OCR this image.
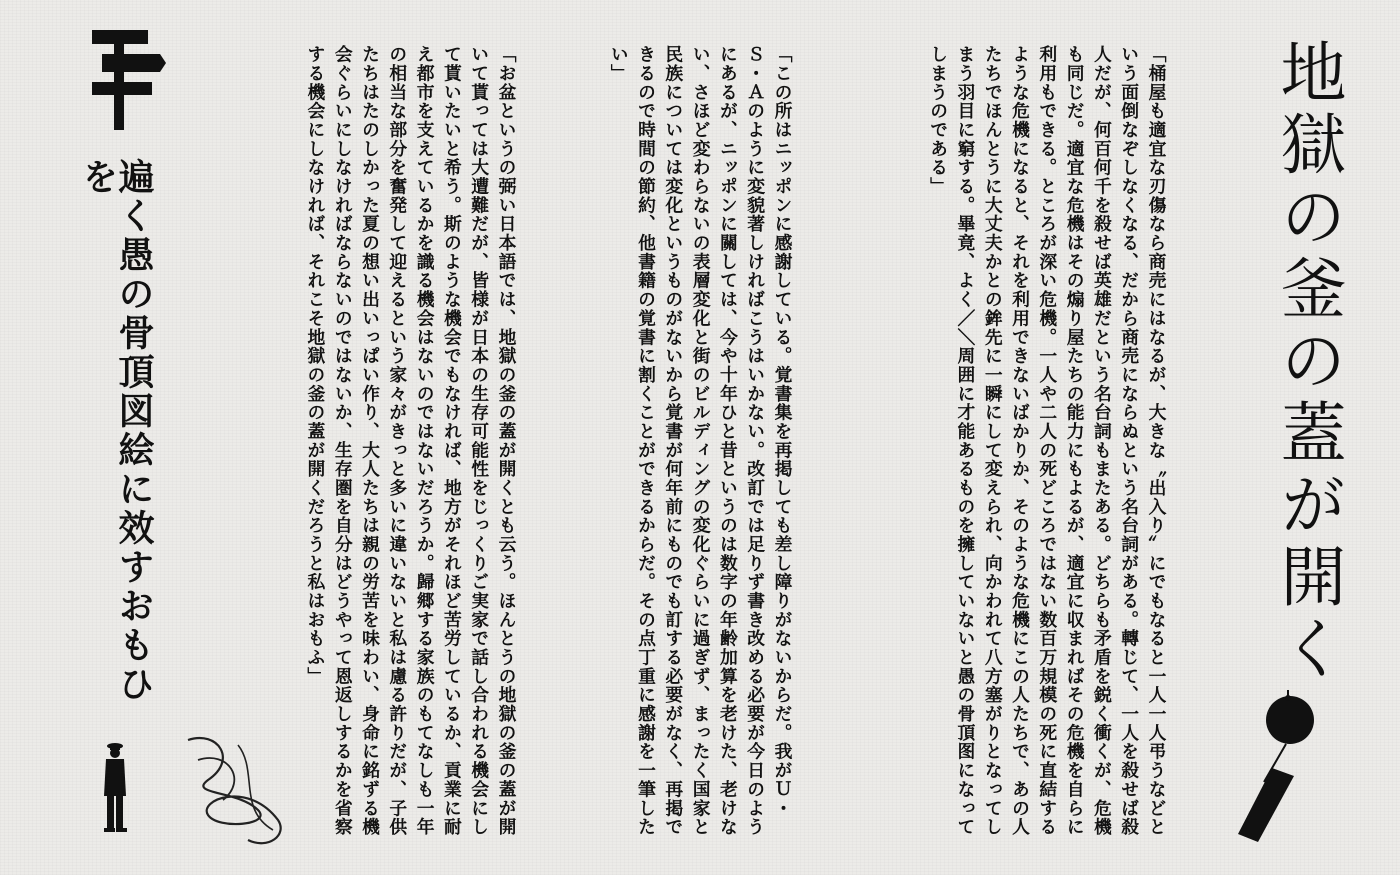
地獄の釜の蓋が開く
「桶屋も適宜な刃傷なら商売にはなるが、大きな〝出入り〟にでもなると一人一人弔うなどという面倒なぞしなくなる、だから商売にならぬという名台詞がある。轉じて、一人を殺せば殺人だが、何百何千を殺せば英雄だという名台詞もまたある。どちらも矛盾を鋭く衝くが、危機も同じだ。適宜な危機はその煽り屋たちの能力にもよるが、適宜に収まればその危機を自らに利用もできる。ところが深い危機。一人や二人の死どころではない数百万規模の死に直結するような危機になると、それを利用できないばかりか、そのような危機にこの人たちで、あの人たちでほんとうに大丈夫かとの鉾先に一瞬にして変えられ、向かわれて八方塞がりとなってしまう羽目に窮する。畢竟、よく／＼周囲に才能あるものを擁していないと愚の骨頂图になってしまうのである」
「この所はニッポンに感謝している。覚書集を再掲しても差し障りがないからだ。我がＵ・Ｓ・Ａのように変貌著しければこうはいかない。改訂では足りず書き改める必要が今日のようにあるが、ニッポンに關しては、今や十年ひと昔というのは数字の年齢加算を老けた、老けない、さほど変わらないの表層変化と街のビルディングの変化ぐらいに過ぎず、まったく国家と民族については変化というものがないから覚書が何年前にものでも訂する必要がなく、再掲できるので時間の節約、他書籍の覚書に割くことができるからだ。その点丁重に感謝を一筆したい」
「お盆というの弼い日本語では、地獄の釜の蓋が開くとも云う。ほんとうの地獄の釜の蓋が開いて貰っては大遭難だが、皆様が日本の生存可能性をじっくりご実家で話し合われる機会にして貰いたいと希う。斯のような機会でもなければ、地方がそれほど苦労しているか、貢業に耐え都市を支えているかを識る機会はないのではないだろうか。歸郷する家族のもてなしも一年の相当な部分を奮発して迎えるという家々がきっと多いに違いないと私は慮る許りだが、子供たちはたのしかった夏の想い出いっぱい作り、大人たちは親の労苦を味わい、身命に銘ずる機会ぐらいにしなければならないのではないか、生存圏を自分はどうやって恩返しするかを省察する機会にしなければ、それこそ地獄の釜の蓋が開くだろうと私はおもふ」
遍く愚の骨頂図絵に效すおもひを
